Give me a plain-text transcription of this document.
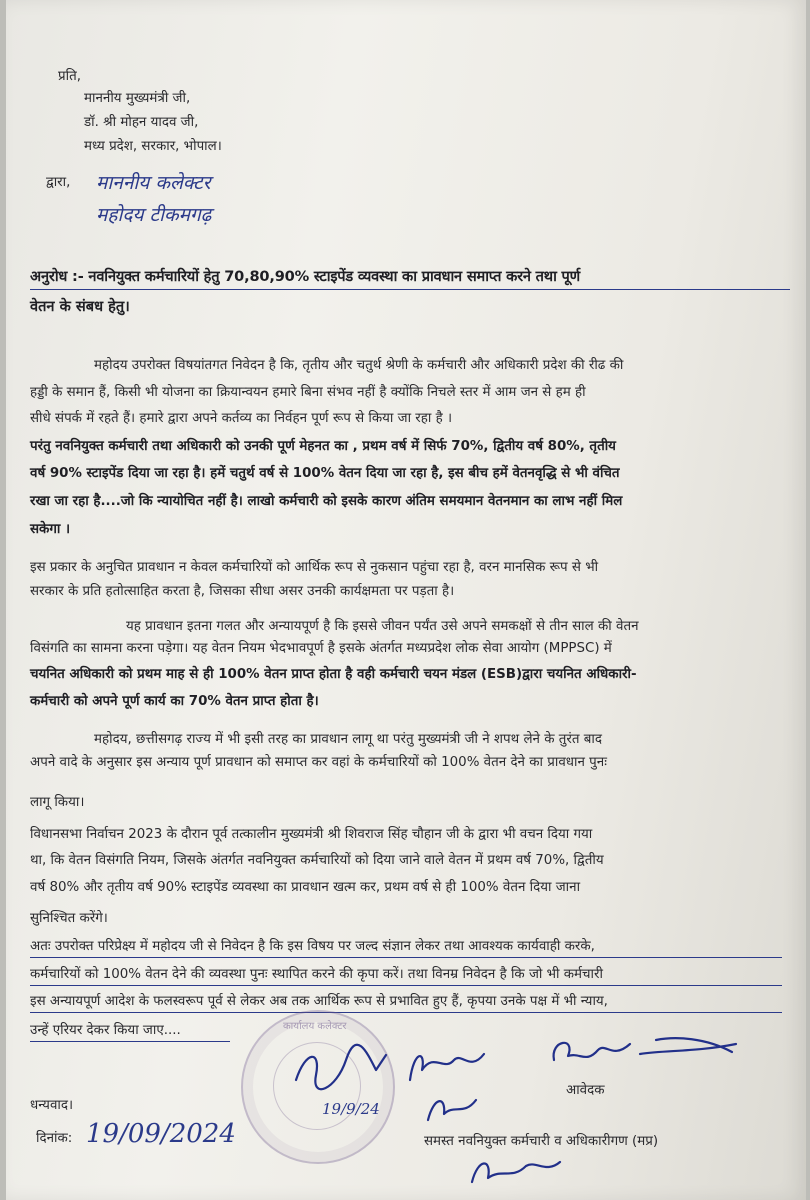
प्रति,
माननीय मुख्यमंत्री जी,
डॉ. श्री मोहन यादव जी,
मध्य प्रदेश, सरकार, भोपाल।
द्वारा, माननीय कलेक्टर
महोदय टीकमगढ़
अनुरोध :- नवनियुक्त कर्मचारियों हेतु 70,80,90% स्टाइपेंड व्यवस्था का प्रावधान समाप्त करने तथा पूर्ण
वेतन के संबध हेतु।
महोदय उपरोक्त विषयांतगत निवेदन है कि, तृतीय और चतुर्थ श्रेणी के कर्मचारी और अधिकारी प्रदेश की रीढ की
हड्डी के समान हैं, किसी भी योजना का क्रियान्वयन हमारे बिना संभव नहीं है क्योंकि निचले स्तर में आम जन से हम ही
सीधे संपर्क में रहते हैं। हमारे द्वारा अपने कर्तव्य का निर्वहन पूर्ण रूप से किया जा रहा है ।
परंतु नवनियुक्त कर्मचारी तथा अधिकारी को उनकी पूर्ण मेहनत का , प्रथम वर्ष में सिर्फ 70%, द्वितीय वर्ष 80%, तृतीय
वर्ष 90% स्टाइपेंड दिया जा रहा है। हमें चतुर्थ वर्ष से 100% वेतन दिया जा रहा है, इस बीच हमें वेतनवृद्धि से भी वंचित
रखा जा रहा है....जो कि न्यायोचित नहीं है। लाखो कर्मचारी को इसके कारण अंतिम समयमान वेतनमान का लाभ नहीं मिल
सकेगा ।
इस प्रकार के अनुचित प्रावधान न केवल कर्मचारियों को आर्थिक रूप से नुकसान पहुंचा रहा है, वरन मानसिक रूप से भी
सरकार के प्रति हतोत्साहित करता है, जिसका सीधा असर उनकी कार्यक्षमता पर पड़ता है।
यह प्रावधान इतना गलत और अन्यायपूर्ण है कि इससे जीवन पर्यंत उसे अपने समकक्षों से तीन साल की वेतन
विसंगति का सामना करना पड़ेगा। यह वेतन नियम भेदभावपूर्ण है इसके अंतर्गत मध्यप्रदेश लोक सेवा आयोग (MPPSC) में
चयनित अधिकारी को प्रथम माह से ही 100% वेतन प्राप्त होता है वही कर्मचारी चयन मंडल (ESB)द्वारा चयनित अधिकारी-
कर्मचारी को अपने पूर्ण कार्य का 70% वेतन प्राप्त होता है।
महोदय, छत्तीसगढ़ राज्य में भी इसी तरह का प्रावधान लागू था परंतु मुख्यमंत्री जी ने शपथ लेने के तुरंत बाद
अपने वादे के अनुसार इस अन्याय पूर्ण प्रावधान को समाप्त कर वहां के कर्मचारियों को 100% वेतन देने का प्रावधान पुनः
लागू किया।
विधानसभा निर्वाचन 2023 के दौरान पूर्व तत्कालीन मुख्यमंत्री श्री शिवराज सिंह चौहान जी के द्वारा भी वचन दिया गया
था, कि वेतन विसंगति नियम, जिसके अंतर्गत नवनियुक्त कर्मचारियों को दिया जाने वाले वेतन में प्रथम वर्ष 70%, द्वितीय
वर्ष 80% और तृतीय वर्ष 90% स्टाइपेंड व्यवस्था का प्रावधान खत्म कर, प्रथम वर्ष से ही 100% वेतन दिया जाना
सुनिश्चित करेंगे।
अतः उपरोक्त परिप्रेक्ष्य में महोदय जी से निवेदन है कि इस विषय पर जल्द संज्ञान लेकर तथा आवश्यक कार्यवाही करके,
कर्मचारियों को 100% वेतन देने की व्यवस्था पुनः स्थापित करने की कृपा करें। तथा विनम्र निवेदन है कि जो भी कर्मचारी
इस अन्यायपूर्ण आदेश के फलस्वरूप पूर्व से लेकर अब तक आर्थिक रूप से प्रभावित हुए हैं, कृपया उनके पक्ष में भी न्याय,
उन्हें एरियर देकर किया जाए....	कार्यालय कलेक्टर
धन्यवाद।
दिनांक: 19/09/2024
19/9/24
आवेदक
समस्त नवनियुक्त कर्मचारी व अधिकारीगण (मप्र)
